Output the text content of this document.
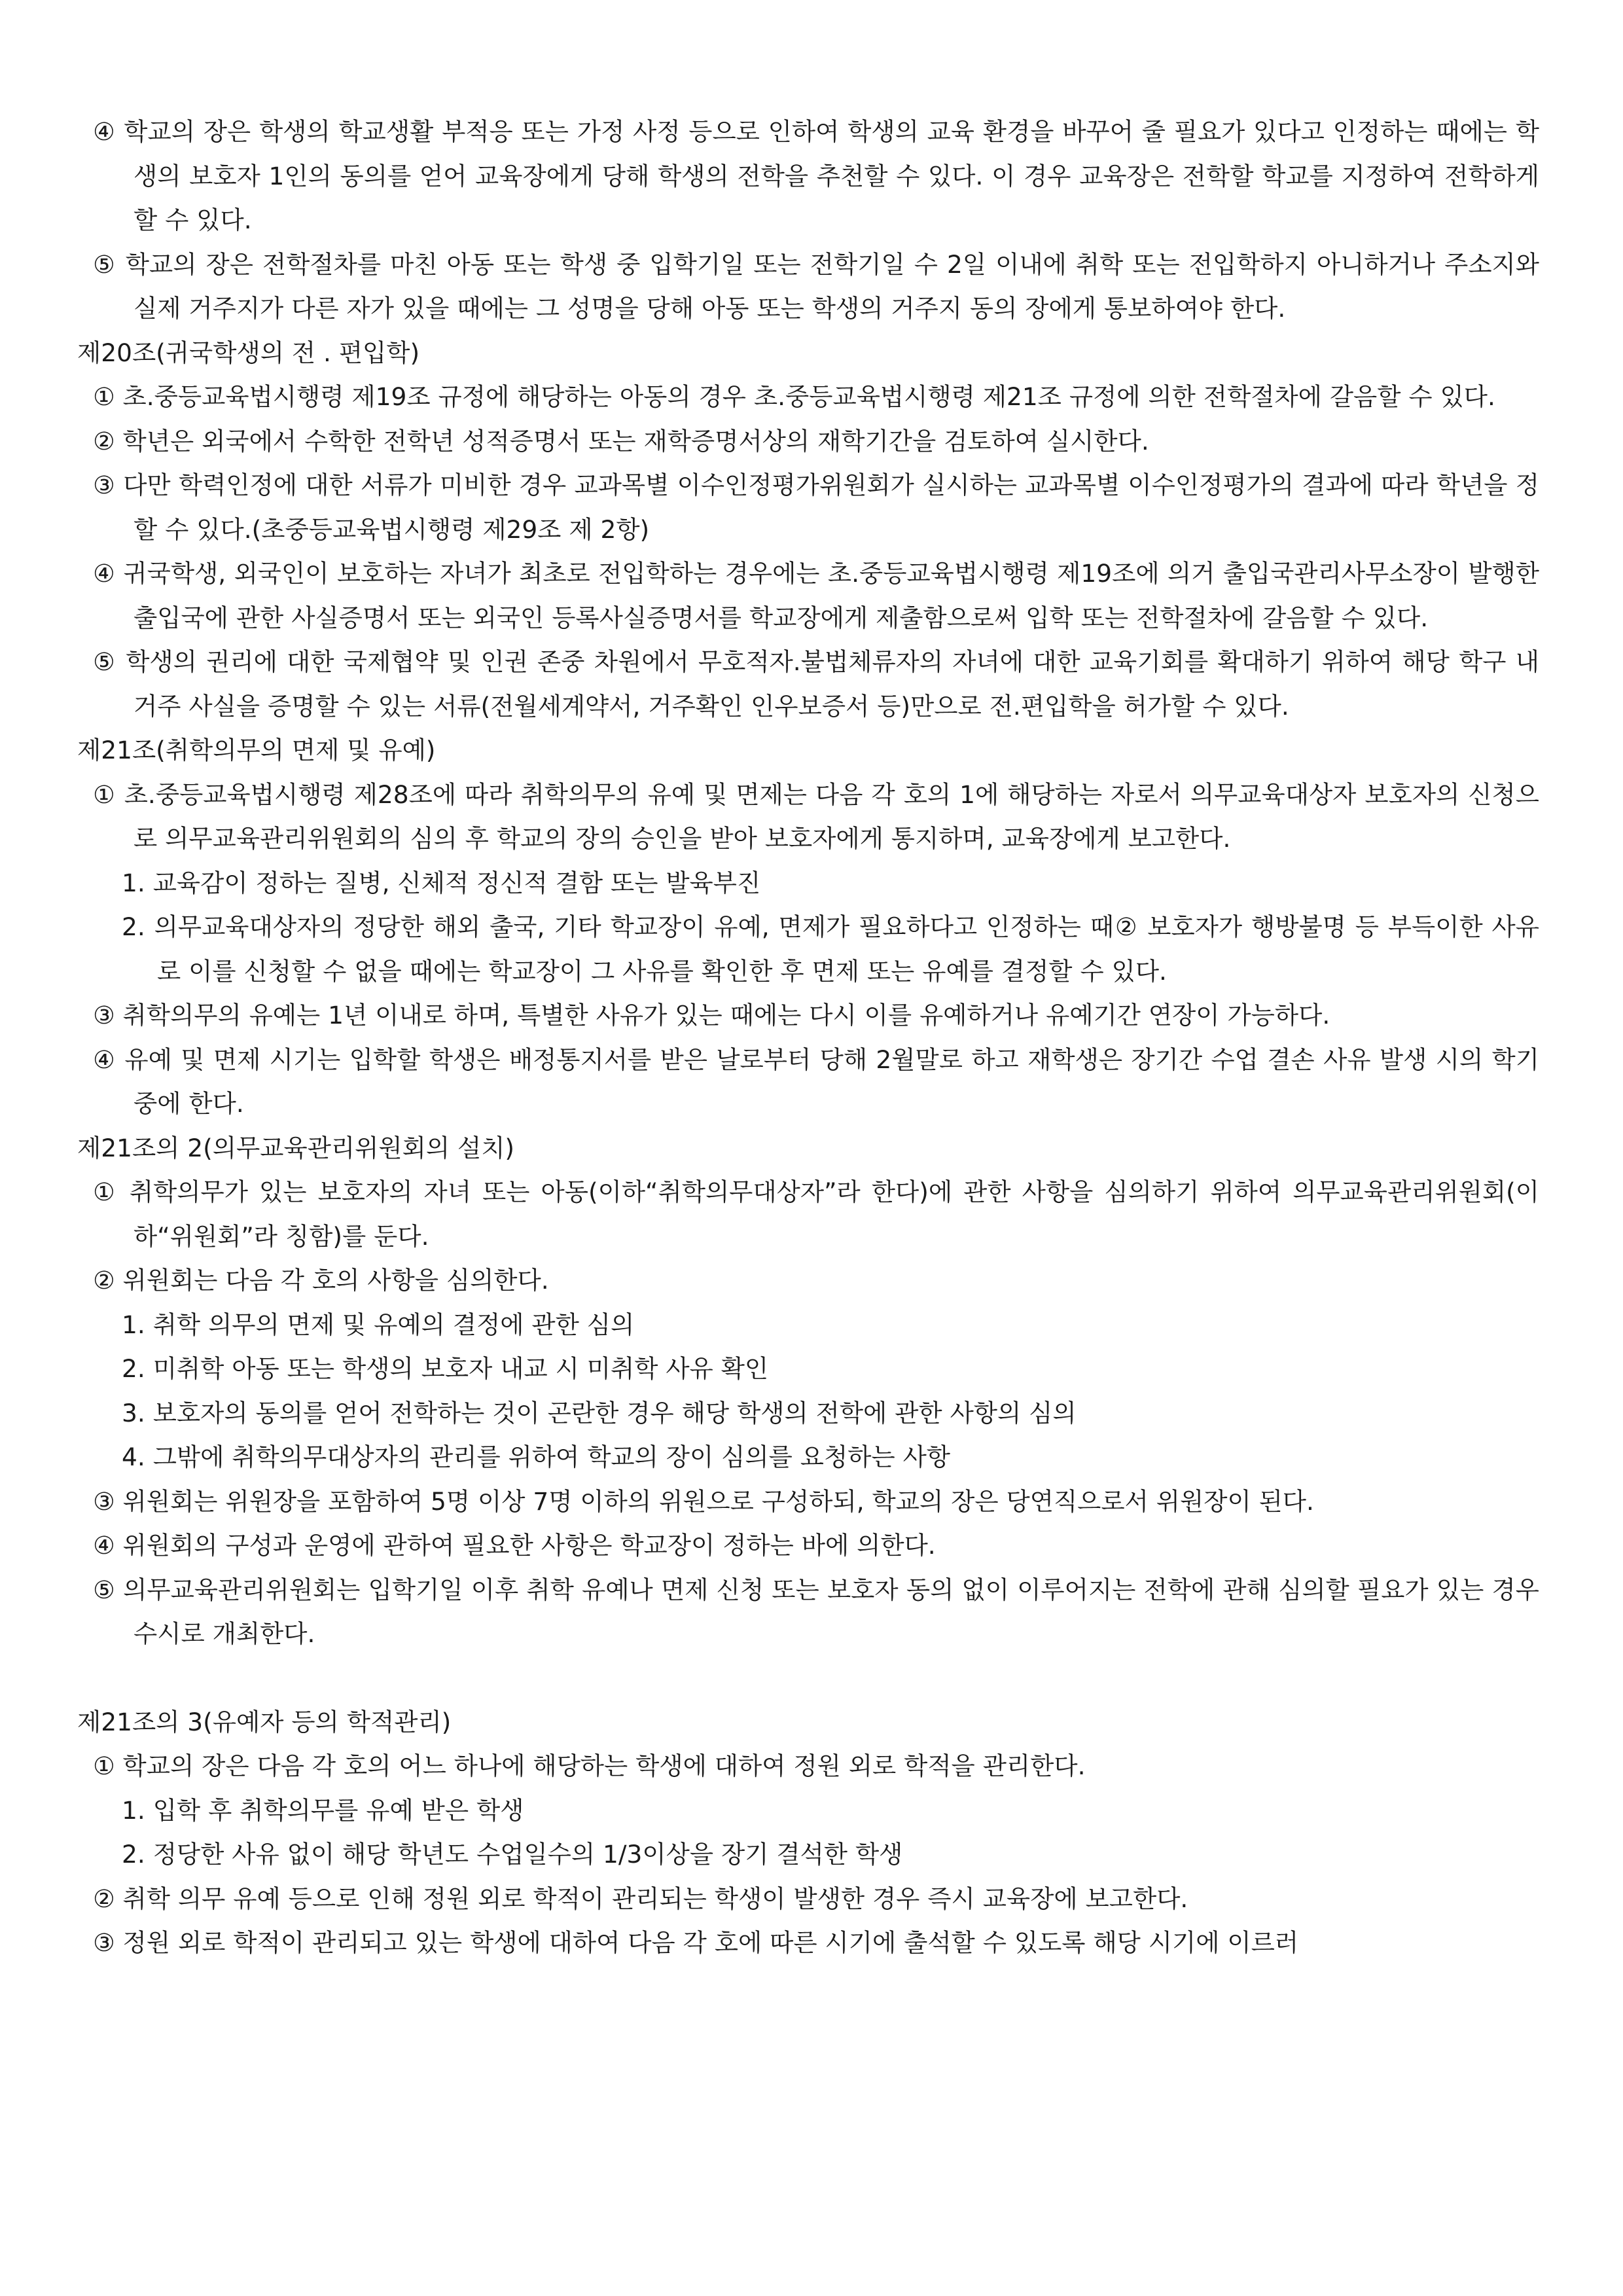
④ 학교의 장은 학생의 학교생활 부적응 또는 가정 사정 등으로 인하여 학생의 교육 환경을 바꾸어 줄 필요가 있다고 인정하는 때에는 학생의 보호자 1인의 동의를 얻어 교육장에게 당해 학생의 전학을 추천할 수 있다. 이 경우 교육장은 전학할 학교를 지정하여 전학하게 할 수 있다.

⑤ 학교의 장은 전학절차를 마친 아동 또는 학생 중 입학기일 또는 전학기일 수 2일 이내에 취학 또는 전입학하지 아니하거나 주소지와 실제 거주지가 다른 자가 있을 때에는 그 성명을 당해 아동 또는 학생의 거주지 동의 장에게 통보하여야 한다.

제20조(귀국학생의 전 . 편입학)

① 초.중등교육법시행령 제19조 규정에 해당하는 아동의 경우 초.중등교육법시행령 제21조 규정에 의한 전학절차에 갈음할 수 있다.

② 학년은 외국에서 수학한 전학년 성적증명서 또는 재학증명서상의 재학기간을 검토하여 실시한다.

③ 다만 학력인정에 대한 서류가 미비한 경우 교과목별 이수인정평가위원회가 실시하는 교과목별 이수인정평가의 결과에 따라 학년을 정할 수 있다.(초중등교육법시행령 제29조 제 2항)

④ 귀국학생, 외국인이 보호하는 자녀가 최초로 전입학하는 경우에는 초.중등교육법시행령 제19조에 의거 출입국관리사무소장이 발행한 출입국에 관한 사실증명서 또는 외국인 등록사실증명서를 학교장에게 제출함으로써 입학 또는 전학절차에 갈음할 수 있다.

⑤ 학생의 권리에 대한 국제협약 및 인권 존중 차원에서 무호적자.불법체류자의 자녀에 대한 교육기회를 확대하기 위하여 해당 학구 내 거주 사실을 증명할 수 있는 서류(전월세계약서, 거주확인 인우보증서 등)만으로 전.편입학을 허가할 수 있다.

제21조(취학의무의 면제 및 유예)

① 초.중등교육법시행령 제28조에 따라 취학의무의 유예 및 면제는 다음 각 호의 1에 해당하는 자로서 의무교육대상자 보호자의 신청으로 의무교육관리위원회의 심의 후 학교의 장의 승인을 받아 보호자에게 통지하며, 교육장에게 보고한다.

1. 교육감이 정하는 질병, 신체적 정신적 결함 또는 발육부진

2. 의무교육대상자의 정당한 해외 출국, 기타 학교장이 유예, 면제가 필요하다고 인정하는 때② 보호자가 행방불명 등 부득이한 사유로 이를 신청할 수 없을 때에는 학교장이 그 사유를 확인한 후 면제 또는 유예를 결정할 수 있다.

③ 취학의무의 유예는 1년 이내로 하며, 특별한 사유가 있는 때에는 다시 이를 유예하거나 유예기간 연장이 가능하다.

④ 유예 및 면제 시기는 입학할 학생은 배정통지서를 받은 날로부터 당해 2월말로 하고 재학생은 장기간 수업 결손 사유 발생 시의 학기 중에 한다.

제21조의 2(의무교육관리위원회의 설치)

① 취학의무가 있는 보호자의 자녀 또는 아동(이하“취학의무대상자”라 한다)에 관한 사항을 심의하기 위하여 의무교육관리위원회(이하“위원회”라 칭함)를 둔다.

② 위원회는 다음 각 호의 사항을 심의한다.

1. 취학 의무의 면제 및 유예의 결정에 관한 심의

2. 미취학 아동 또는 학생의 보호자 내교 시 미취학 사유 확인

3. 보호자의 동의를 얻어 전학하는 것이 곤란한 경우 해당 학생의 전학에 관한 사항의 심의

4. 그밖에 취학의무대상자의 관리를 위하여 학교의 장이 심의를 요청하는 사항

③ 위원회는 위원장을 포함하여 5명 이상 7명 이하의 위원으로 구성하되, 학교의 장은 당연직으로서 위원장이 된다.

④ 위원회의 구성과 운영에 관하여 필요한 사항은 학교장이 정하는 바에 의한다.

⑤ 의무교육관리위원회는 입학기일 이후 취학 유예나 면제 신청 또는 보호자 동의 없이 이루어지는 전학에 관해 심의할 필요가 있는 경우 수시로 개최한다.

제21조의 3(유예자 등의 학적관리)

① 학교의 장은 다음 각 호의 어느 하나에 해당하는 학생에 대하여 정원 외로 학적을 관리한다.

1. 입학 후 취학의무를 유예 받은 학생

2. 정당한 사유 없이 해당 학년도 수업일수의 1/3이상을 장기 결석한 학생

② 취학 의무 유예 등으로 인해 정원 외로 학적이 관리되는 학생이 발생한 경우 즉시 교육장에 보고한다.

③ 정원 외로 학적이 관리되고 있는 학생에 대하여 다음 각 호에 따른 시기에 출석할 수 있도록 해당 시기에 이르러
